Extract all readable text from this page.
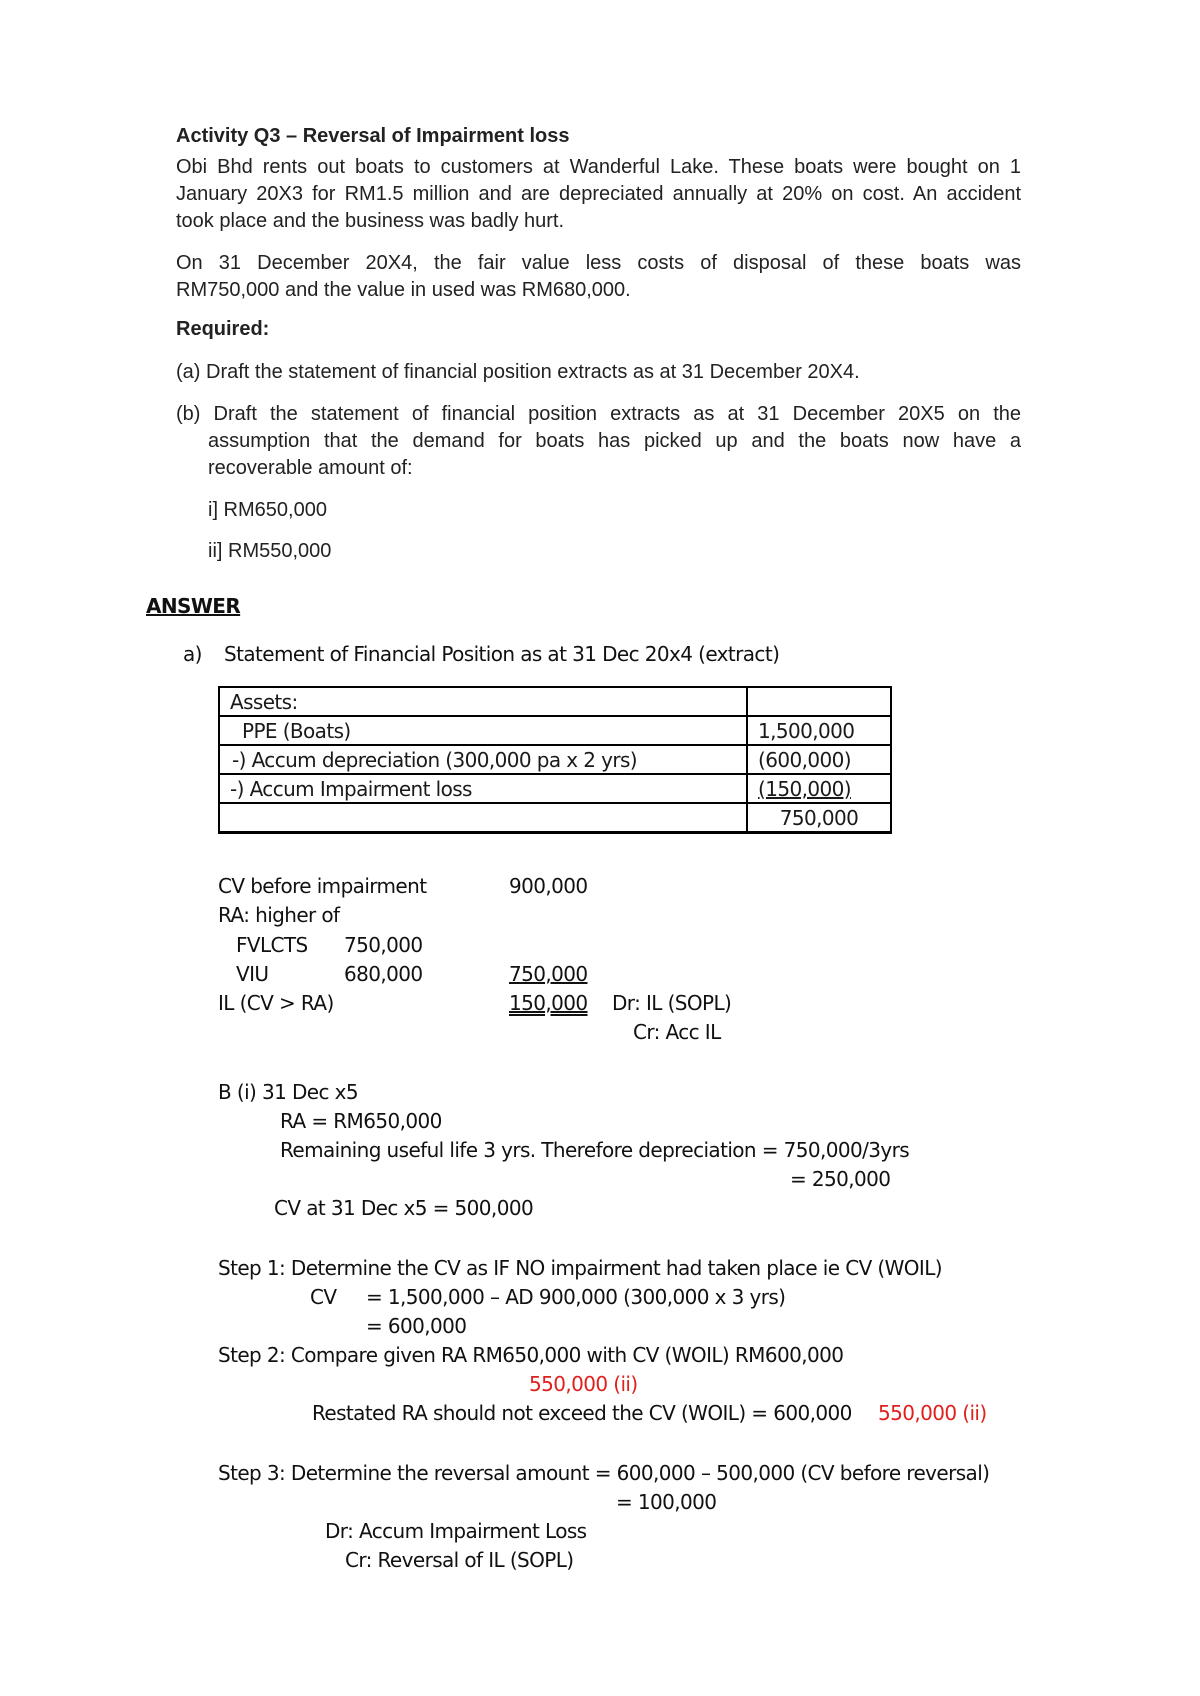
Activity Q3 – Reversal of Impairment loss
Obi Bhd rents out boats to customers at Wanderful Lake. These boats were bought on 1
January 20X3 for RM1.5 million and are depreciated annually at 20% on cost. An accident
took place and the business was badly hurt.
On 31 December 20X4, the fair value less costs of disposal of these boats was
RM750,000 and the value in used was RM680,000.
Required:
(a) Draft the statement of financial position extracts as at 31 December 20X4.
(b) Draft the statement of financial position extracts as at 31 December 20X5 on the
assumption that the demand for boats has picked up and the boats now have a
recoverable amount of:
i] RM650,000
ii] RM550,000
ANSWER
a) Statement of Financial Position as at 31 Dec 20x4 (extract)
Assets:	
PPE (Boats)	1,500,000
-) Accum depreciation (300,000 pa x 2 yrs)	(600,000)
-) Accum Impairment loss	(150,000)
	750,000
CV before impairment	900,000
RA: higher of
FVLCTS 750,000
VIU	680,000	750,000
IL (CV > RA)	150,000 Dr: IL (SOPL)
Cr: Acc IL
B (i) 31 Dec x5
RA = RM650,000
Remaining useful life 3 yrs. Therefore depreciation = 750,000/3yrs
= 250,000
CV at 31 Dec x5 = 500,000
Step 1: Determine the CV as IF NO impairment had taken place ie CV (WOIL)
CV = 1,500,000 – AD 900,000 (300,000 x 3 yrs)
= 600,000
Step 2: Compare given RA RM650,000 with CV (WOIL) RM600,000
550,000 (ii)
Restated RA should not exceed the CV (WOIL) = 600,000 550,000 (ii)
Step 3: Determine the reversal amount = 600,000 – 500,000 (CV before reversal)
= 100,000
Dr: Accum Impairment Loss
Cr: Reversal of IL (SOPL)
